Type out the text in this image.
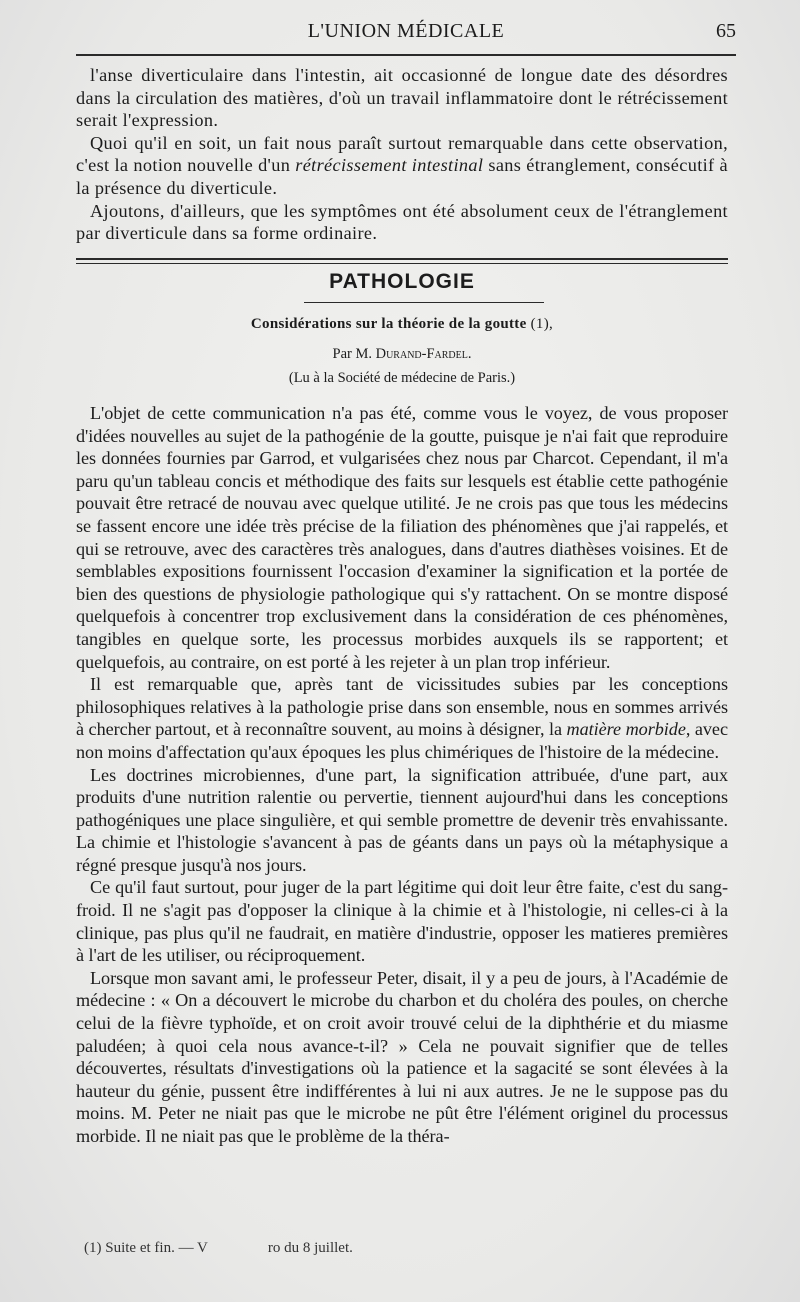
L'UNION MÉDICALE	65

l'anse diverticulaire dans l'intestin, ait occasionné de longue date des désordres dans la circulation des matières, d'où un travail inflammatoire dont le rétrécissement serait l'expression.

Quoi qu'il en soit, un fait nous paraît surtout remarquable dans cette observation, c'est la notion nouvelle d'un rétrécissement intestinal sans étranglement, consécutif à la présence du diverticule.

Ajoutons, d'ailleurs, que les symptômes ont été absolument ceux de l'étranglement par diverticule dans sa forme ordinaire.

PATHOLOGIE
Considérations sur la théorie de la goutte (1),
Par M. Durand-Fardel.
(Lu à la Société de médecine de Paris.)

L'objet de cette communication n'a pas été, comme vous le voyez, de vous proposer d'idées nouvelles au sujet de la pathogénie de la goutte, puisque je n'ai fait que reproduire les données fournies par Garrod, et vulgarisées chez nous par Charcot. Cependant, il m'a paru qu'un tableau concis et méthodique des faits sur lesquels est établie cette pathogénie pouvait être retracé de nouvau avec quelque utilité. Je ne crois pas que tous les médecins se fassent encore une idée très précise de la filiation des phénomènes que j'ai rappelés, et qui se retrouve, avec des caractères très analogues, dans d'autres diathèses voisines. Et de semblables expositions fournissent l'occasion d'examiner la signification et la portée de bien des questions de physiologie pathologique qui s'y rattachent. On se montre disposé quelquefois à concentrer trop exclusivement dans la considération de ces phénomènes, tangibles en quelque sorte, les processus morbides auxquels ils se rapportent; et quelquefois, au contraire, on est porté à les rejeter à un plan trop inférieur.

Il est remarquable que, après tant de vicissitudes subies par les conceptions philosophiques relatives à la pathologie prise dans son ensemble, nous en sommes arrivés à chercher partout, et à reconnaître souvent, au moins à désigner, la matière morbide, avec non moins d'affectation qu'aux époques les plus chimériques de l'histoire de la médecine.

Les doctrines microbiennes, d'une part, la signification attribuée, d'une part, aux produits d'une nutrition ralentie ou pervertie, tiennent aujourd'hui dans les conceptions pathogéniques une place singulière, et qui semble promettre de devenir très envahissante. La chimie et l'histologie s'avancent à pas de géants dans un pays où la métaphysique a régné presque jusqu'à nos jours.

Ce qu'il faut surtout, pour juger de la part légitime qui doit leur être faite, c'est du sang-froid. Il ne s'agit pas d'opposer la clinique à la chimie et à l'histologie, ni celles-ci à la clinique, pas plus qu'il ne faudrait, en matière d'industrie, opposer les matieres premières à l'art de les utiliser, ou réciproquement.

Lorsque mon savant ami, le professeur Peter, disait, il y a peu de jours, à l'Académie de médecine : « On a découvert le microbe du charbon et du choléra des poules, on cherche celui de la fièvre typhoïde, et on croit avoir trouvé celui de la diphthérie et du miasme paludéen; à quoi cela nous avance-t-il? » Cela ne pouvait signifier que de telles découvertes, résultats d'investigations où la patience et la sagacité se sont élevées à la hauteur du génie, pussent être indifférentes à lui ni aux autres. Je ne le suppose pas du moins. M. Peter ne niait pas que le microbe ne pût être l'élément originel du processus morbide. Il ne niait pas que le problème de la théra-

(1) Suite et fin. — V	ro du 8 juillet.
